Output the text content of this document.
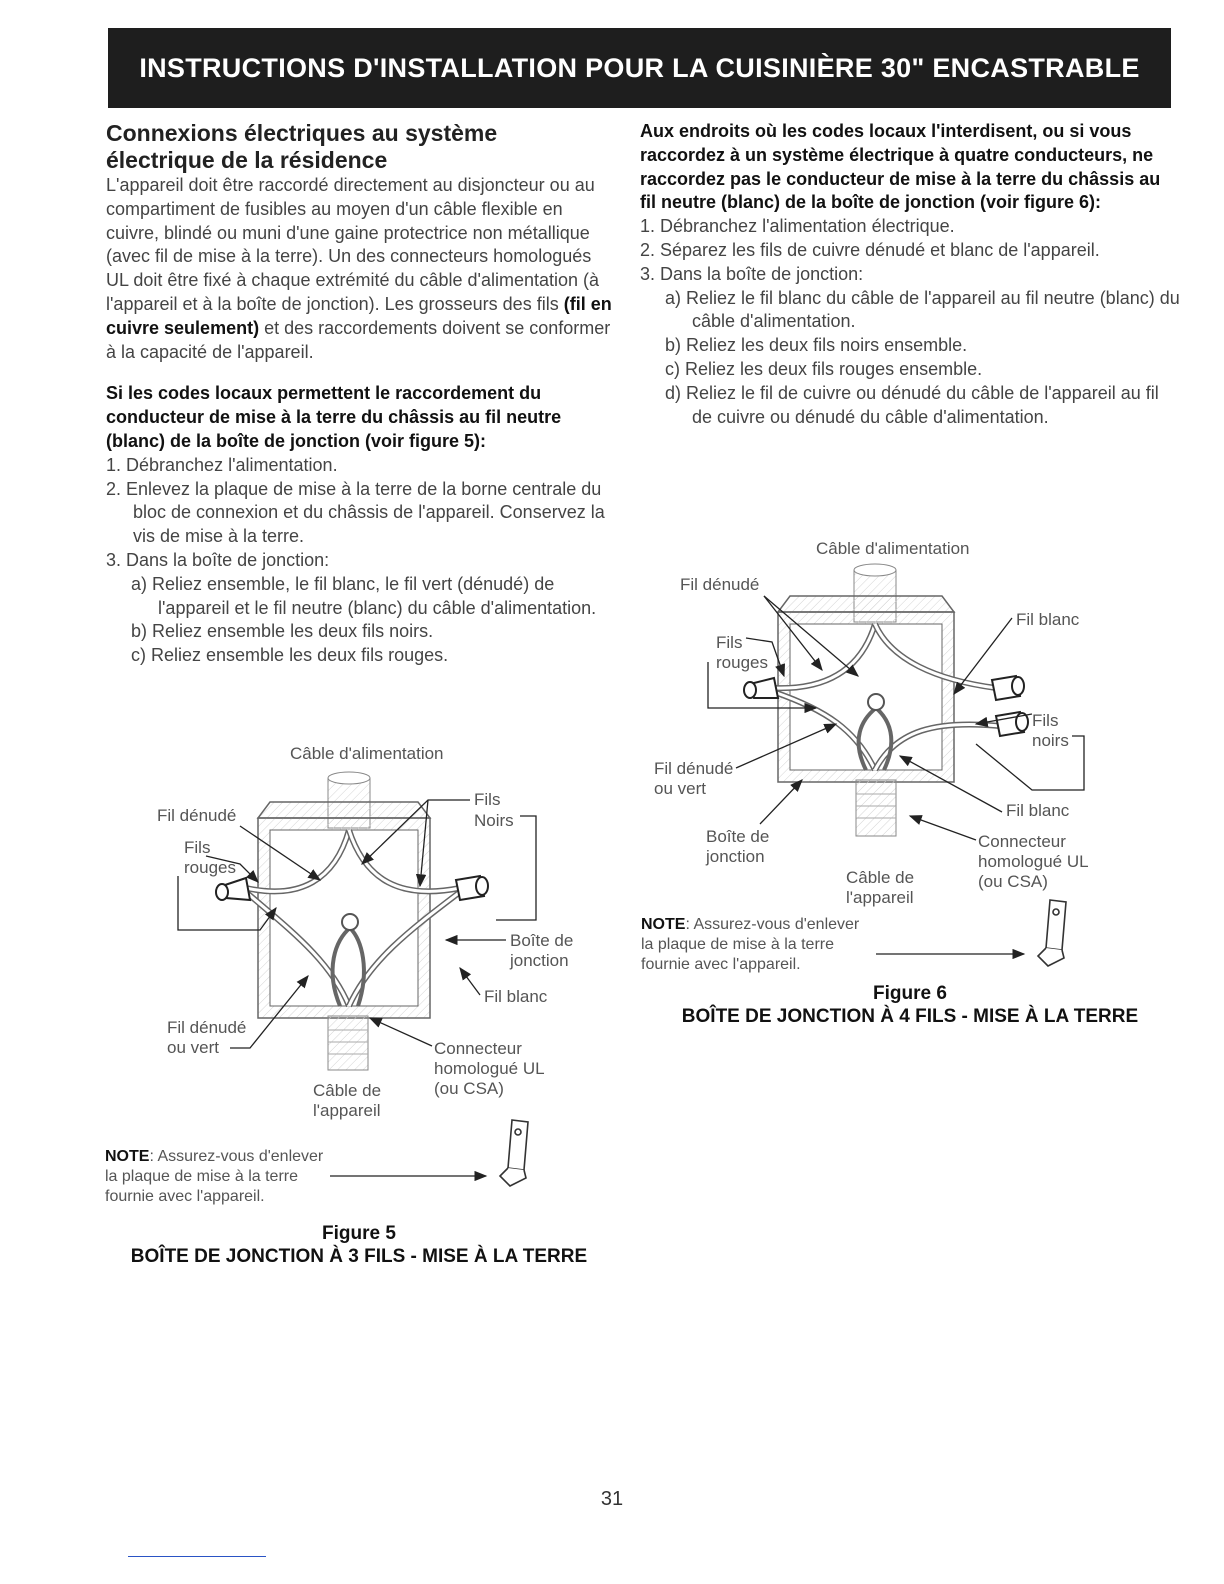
INSTRUCTIONS D'INSTALLATION POUR LA CUISINIÈRE 30" ENCASTRABLE
Connexions électriques au système
électrique de la résidence

L'appareil doit être raccordé directement au disjoncteur ou au compartiment de fusibles au moyen d'un câble flexible en cuivre, blindé ou muni d'une gaine protectrice non métallique (avec fil de mise à la terre). Un des connecteurs homologués UL doit être fixé à chaque extrémité du câble d'alimentation (à l'appareil et à la boîte de jonction). Les grosseurs des fils (fil en cuivre seulement) et des raccordements doivent se conformer à la capacité de l'appareil.

Si les codes locaux permettent le raccordement du conducteur de mise à la terre du châssis au fil neutre (blanc) de la boîte de jonction (voir figure 5):

1. Débranchez l'alimentation.
2. Enlevez la plaque de mise à la terre de la borne centrale du bloc de connexion et du châssis de l'appareil. Conservez la vis de mise à la terre.
3. Dans la boîte de jonction:
a) Reliez ensemble, le fil blanc, le fil vert (dénudé) de l'appareil et le fil neutre (blanc) du câble d'alimentation.
b) Reliez ensemble les deux fils noirs.
c) Reliez ensemble les deux fils rouges.

Aux endroits où les codes locaux l'interdisent, ou si vous raccordez à un système électrique à quatre conducteurs, ne raccordez pas le conducteur de mise à la terre du châssis au fil neutre (blanc) de la boîte de jonction (voir figure 6):

1. Débranchez l'alimentation électrique.
2. Séparez les fils de cuivre dénudé et blanc de l'appareil.
3. Dans la boîte de jonction:
a) Reliez le fil blanc du câble de l'appareil au fil neutre (blanc) du câble d'alimentation.
b) Reliez les deux fils noirs ensemble.
c) Reliez les deux fils rouges ensemble.
d) Reliez le fil de cuivre ou dénudé du câble de l'appareil au fil de cuivre ou dénudé du câble d'alimentation.
Câble d'alimentation
Fil dénudé
Fils
rouges
Fils
Noirs
Boîte de
jonction
Fil blanc
Fil dénudé
ou vert	Connecteur
homologué UL
(ou CSA)
Câble de
l'appareil
NOTE: Assurez-vous d'enlever
la plaque de mise à la terre
fournie avec l'appareil.
Figure 5
BOÎTE DE JONCTION À 3 FILS - MISE À LA TERRE
Câble d'alimentation
Fil dénudé
Fils
rouges
Fil blanc
Fils
noirs
Fil dénudé
ou vert
Fil blanc
Boîte de
jonction
Connecteur
homologué UL
(ou CSA)
Câble de
l'appareil
NOTE: Assurez-vous d'enlever
la plaque de mise à la terre
fournie avec l'appareil.
Figure 6
BOÎTE DE JONCTION À 4 FILS - MISE À LA TERRE
31
